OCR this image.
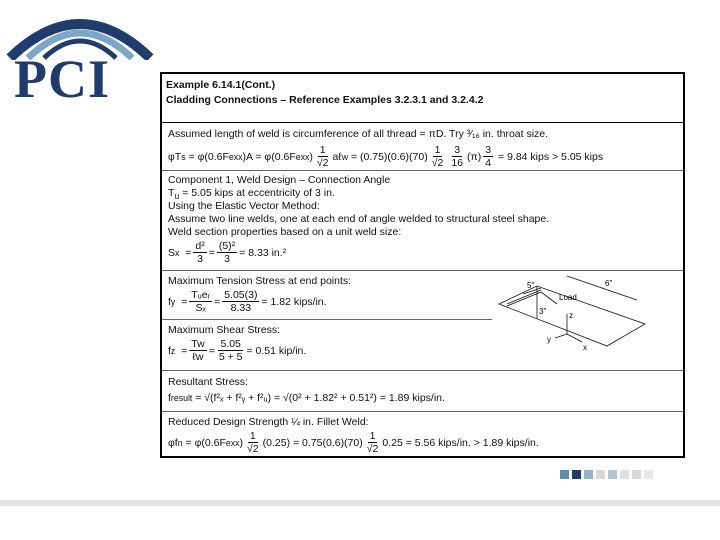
PCI	Example 6.14.1(Cont.)
Cladding Connections – Reference Examples 3.2.3.1 and 3.2.4.2
Assumed length of weld is circumference of all thread = πD. Try ³⁄₁₆ in. throat size.
φT s
= φ(0.6F exx )A = φ(0.6F exx ) $\frac{1}{√2}$ aℓ w
= $(0.75)(0.6)(70) \frac{1}{√2} \frac{3}{16} (\pi) \frac{3}{4}$
= 9.84 kips > 5.05 kips
Component 1, Weld Design – Connection Angle
$T_u = 5.05$ kips at eccentricity of 3 in.
Using the Elastic Vector Method:
Assume two line welds, one at each end of angle welded to structural steel shape.
Weld section properties based on a unit weld size:
S $x = \frac{\text{d²}}{3} = \frac{\text{(5)²}}{3} = 8.33$ in.²
Maximum Tension Stress at end points:
f $y = \frac{\text{Tᵤeᵣ}}{\text{Sₓ}} = \frac{5.05(3)}{8.33} = 1.82$ kips/in.
Maximum Shear Stress:
f $z = \frac{Tw}{\text{ℓw}} = \frac{5.05}{5 + 5} = 0.51$ kip/in.
Resultant Stress:
f result
= √(f²ₓ + f²ᵧ + f²ᵤ)
= √(0² + 1.82² + 0.51²)
= 1.89 kips/in.
Reduced Design Strength ¼ in. Fillet Weld:
φf n
= φ(0.6F exx ) $\frac{1}{√2} (0.25) = 0.75(0.6)(70) \frac{1}{√2} 0.25 = 5.56$ kips/in. > 1.89 kips/in.
5"	6"
Load
3"	z
y
x
